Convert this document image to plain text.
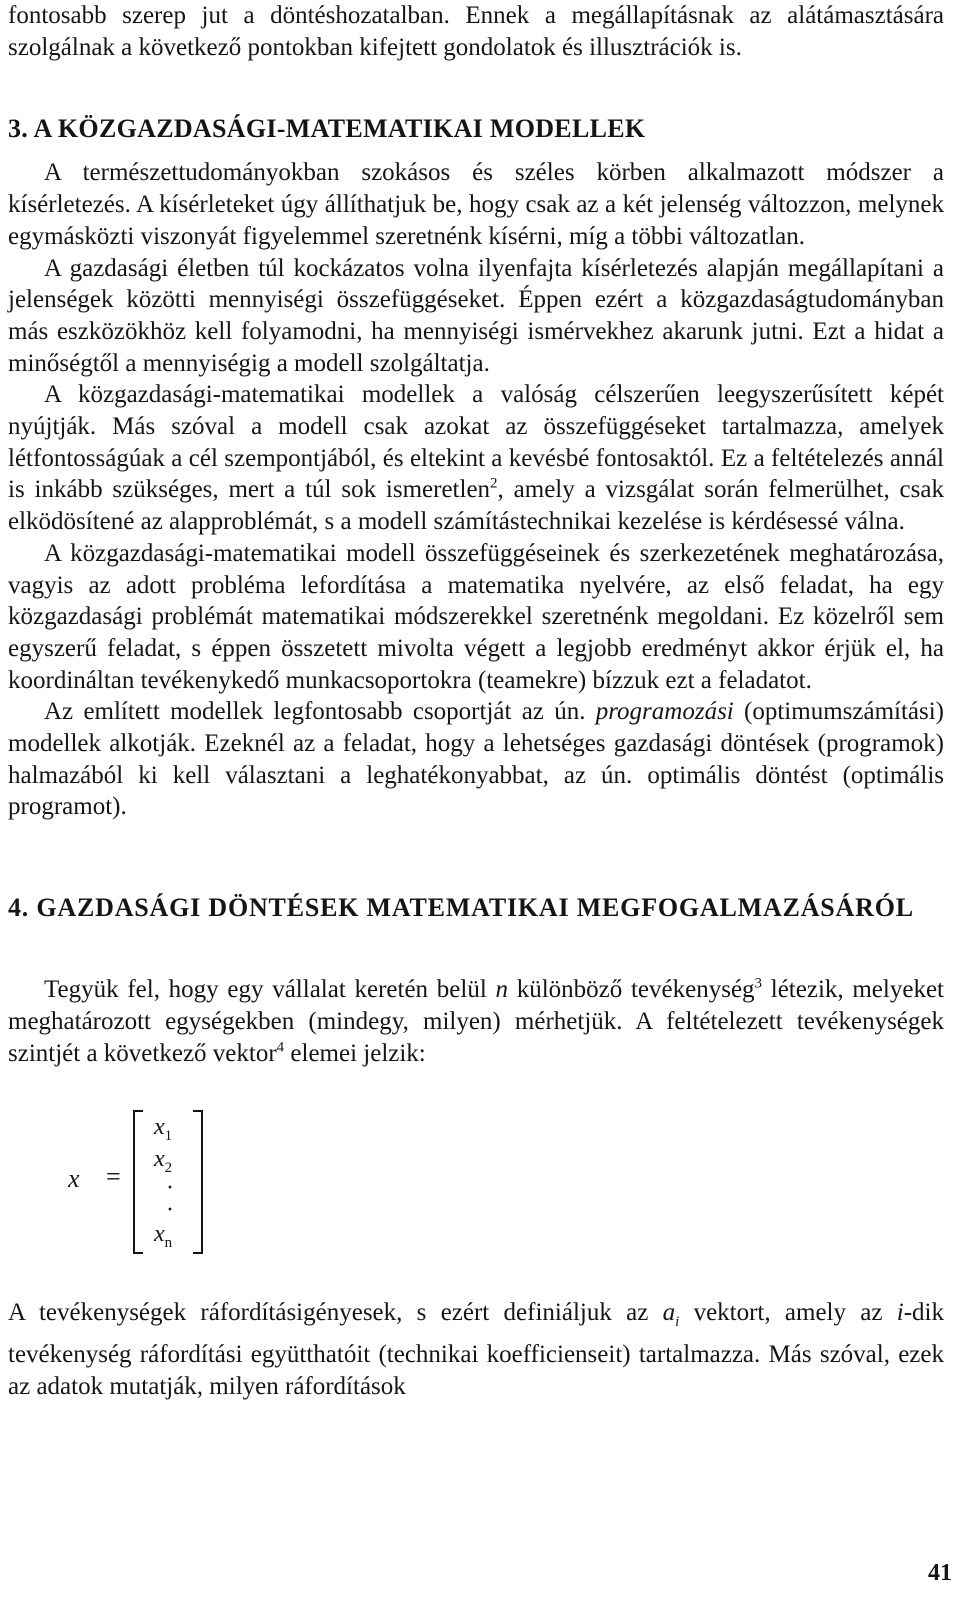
fontosabb szerep jut a döntéshozatalban. Ennek a megállapításnak az alátámasztására szolgálnak a következő pontokban kifejtett gondolatok és illusztrációk is.

3. A KÖZGAZDASÁGI-MATEMATIKAI MODELLEK

A természettudományokban szokásos és széles körben alkalmazott módszer a kísérletezés. A kísérleteket úgy állíthatjuk be, hogy csak az a két jelenség változzon, melynek egymásközti viszonyát figyelemmel szeretnénk kísérni, míg a többi változatlan.

A gazdasági életben túl kockázatos volna ilyenfajta kísérletezés alapján megállapítani a jelenségek közötti mennyiségi összefüggéseket. Éppen ezért a közgazdaságtudományban más eszközökhöz kell folyamodni, ha mennyiségi ismérvekhez akarunk jutni. Ezt a hidat a minőségtől a mennyiségig a modell szolgáltatja.

A közgazdasági-matematikai modellek a valóság célszerűen leegyszerűsített képét nyújtják. Más szóval a modell csak azokat az összefüggéseket tartalmazza, amelyek létfontosságúak a cél szempontjából, és eltekint a kevésbé fontosaktól. Ez a feltételezés annál is inkább szükséges, mert a túl sok ismeretlen$^2$, amely a vizsgálat során felmerülhet, csak elködösítené az alapproblémát, s a modell számítástechnikai kezelése is kérdésessé válna.

A közgazdasági-matematikai modell összefüggéseinek és szerkezetének meghatározása, vagyis az adott probléma lefordítása a matematika nyelvére, az első feladat, ha egy közgazdasági problémát matematikai módszerekkel szeretnénk megoldani. Ez közelről sem egyszerű feladat, s éppen összetett mivolta végett a legjobb eredményt akkor érjük el, ha koordináltan tevékenykedő munkacsoportokra (teamekre) bízzuk ezt a feladatot.

Az említett modellek legfontosabb csoportját az ún. programozási (optimumszámítási) modellek alkotják. Ezeknél az a feladat, hogy a lehetséges gazdasági döntések (programok) halmazából ki kell választani a leghatékonyabbat, az ún. optimális döntést (optimális programot).

4. GAZDASÁGI DÖNTÉSEK MATEMATIKAI MEGFOGALMAZÁSÁRÓL

Tegyük fel, hogy egy vállalat keretén belül n különböző tevékenység$^3$ létezik, melyeket meghatározott egységekben (mindegy, milyen) mérhetjük. A feltételezett tevékenységek szintjét a következő vektor$^4$ elemei jelzik:

x =
$x_1$
$x_2$
·
·
$x_n$

A tevékenységek ráfordításigényesek, s ezért definiáljuk az $a_i$ vektort, amely az i-dik tevékenység ráfordítási együtthatóit (technikai koefficienseit) tartalmazza. Más szóval, ezek az adatok mutatják, milyen ráfordítások

41
